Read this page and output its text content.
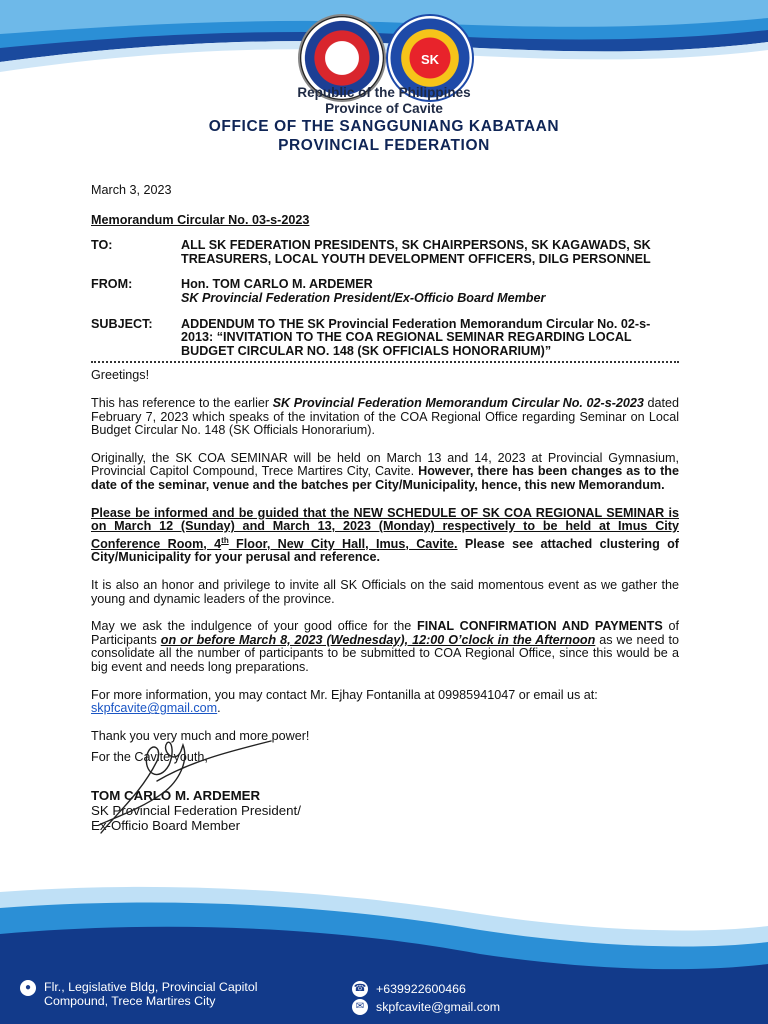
SK
Republic of the Philippines
Province of Cavite
OFFICE OF THE SANGGUNIANG KABATAAN
PROVINCIAL FEDERATION
March 3, 2023
Memorandum Circular No. 03-s-2023
TO:	ALL SK FEDERATION PRESIDENTS, SK CHAIRPERSONS, SK KAGAWADS, SK TREASURERS, LOCAL YOUTH DEVELOPMENT OFFICERS, DILG PERSONNEL
FROM:	Hon. TOM CARLO M. ARDEMER
SK Provincial Federation President/Ex-Officio Board Member
SUBJECT:	ADDENDUM TO THE SK Provincial Federation Memorandum Circular No. 02-s-2013: “INVITATION TO THE COA REGIONAL SEMINAR REGARDING LOCAL BUDGET CIRCULAR NO. 148 (SK OFFICIALS HONORARIUM)”

Greetings!

This has reference to the earlier SK Provincial Federation Memorandum Circular No. 02-s-2023 dated February 7, 2023 which speaks of the invitation of the COA Regional Office regarding Seminar on Local Budget Circular No. 148 (SK Officials Honorarium).

Originally, the SK COA SEMINAR will be held on March 13 and 14, 2023 at Provincial Gymnasium, Provincial Capitol Compound, Trece Martires City, Cavite. However, there has been changes as to the date of the seminar, venue and the batches per City/Municipality, hence, this new Memorandum.

Please be informed and be guided that the NEW SCHEDULE OF SK COA REGIONAL SEMINAR is on March 12 (Sunday) and March 13, 2023 (Monday) respectively to be held at Imus City Conference Room, 4th Floor, New City Hall, Imus, Cavite. Please see attached clustering of City/Municipality for your perusal and reference.

It is also an honor and privilege to invite all SK Officials on the said momentous event as we gather the young and dynamic leaders of the province.

May we ask the indulgence of your good office for the FINAL CONFIRMATION AND PAYMENTS of Participants on or before March 8, 2023 (Wednesday), 12:00 O’clock in the Afternoon as we need to consolidate all the number of participants to be submitted to COA Regional Office, since this would be a big event and needs long preparations.

For more information, you may contact Mr. Ejhay Fontanilla at 09985941047 or email us at: skpfcavite@gmail.com.

Thank you very much and more power!

For the Cavite youth,
TOM CARLO M. ARDEMER
SK Provincial Federation President/
Ex-Officio Board Member
●	Flr., Legislative Bldg, Provincial Capitol
Compound, Trece Martires City
☎ +639922600466
✉ skpfcavite@gmail.com
